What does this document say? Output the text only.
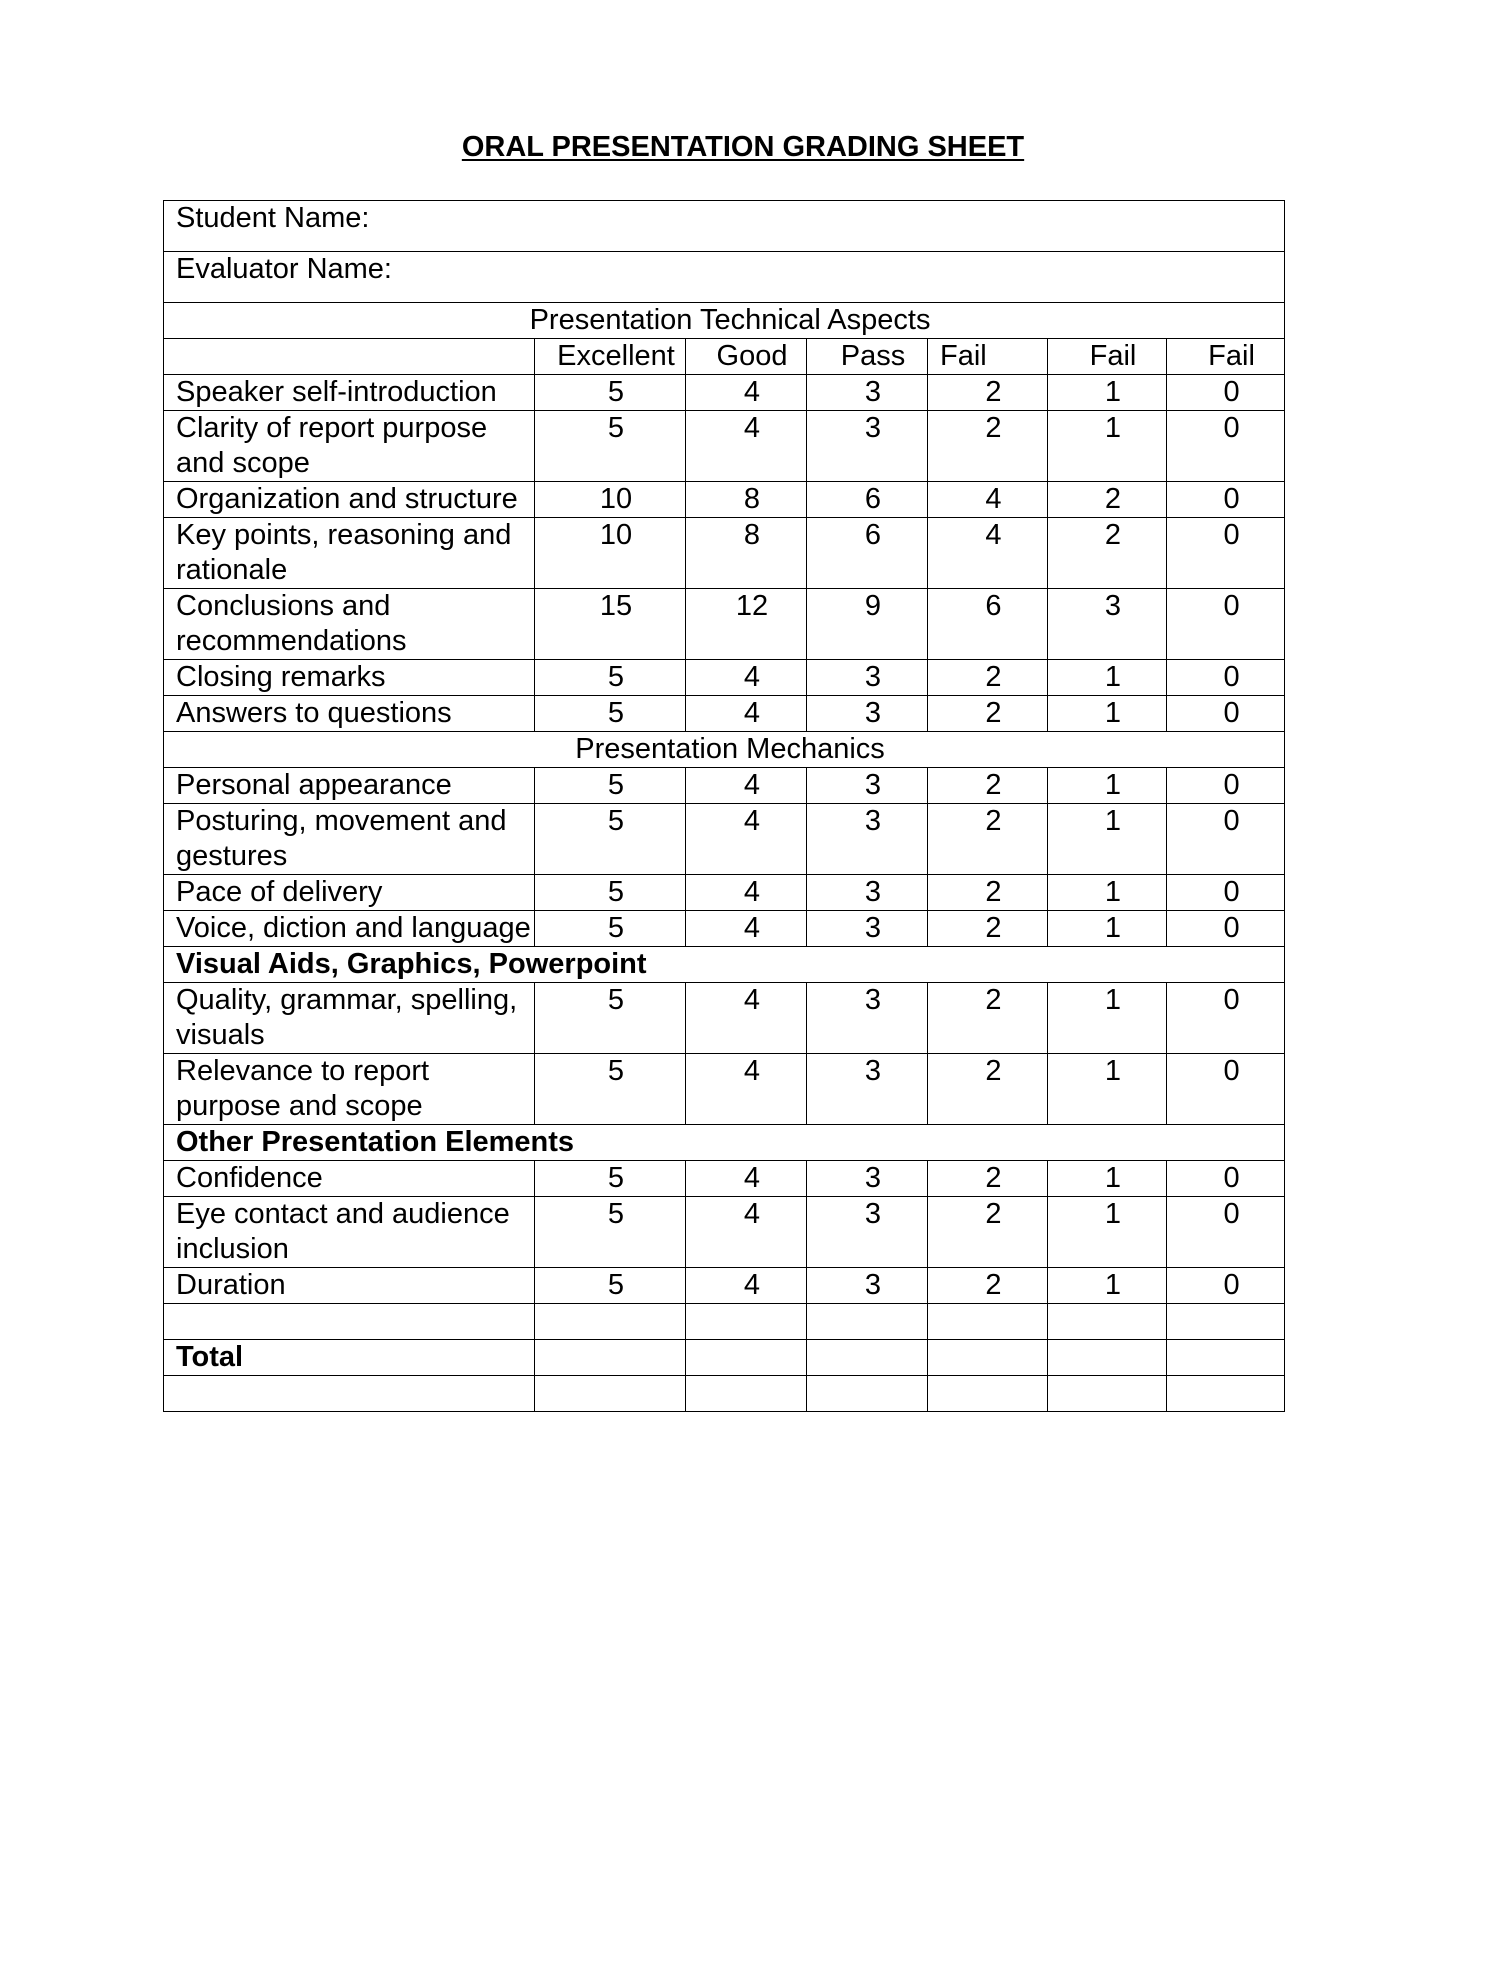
ORAL PRESENTATION GRADING SHEET
Student Name:						
Evaluator Name:						
Presentation Technical Aspects						
	Excellent	Good	Pass	Fail	Fail	Fail
Speaker self-introduction	5	4	3	2	1	0
Clarity of report purpose and scope	5	4	3	2	1	0
Organization and structure	10	8	6	4	2	0
Key points, reasoning and rationale	10	8	6	4	2	0
Conclusions and recommendations	15	12	9	6	3	0
Closing remarks	5	4	3	2	1	0
Answers to questions	5	4	3	2	1	0
Presentation Mechanics						
Personal appearance	5	4	3	2	1	0
Posturing, movement and gestures	5	4	3	2	1	0
Pace of delivery	5	4	3	2	1	0
Voice, diction and language	5	4	3	2	1	0
Visual Aids, Graphics, Powerpoint						
Quality, grammar, spelling, visuals	5	4	3	2	1	0
Relevance to report purpose and scope	5	4	3	2	1	0
Other Presentation Elements						
Confidence	5	4	3	2	1	0
Eye contact and audience inclusion	5	4	3	2	1	0
Duration	5	4	3	2	1	0

Total						
